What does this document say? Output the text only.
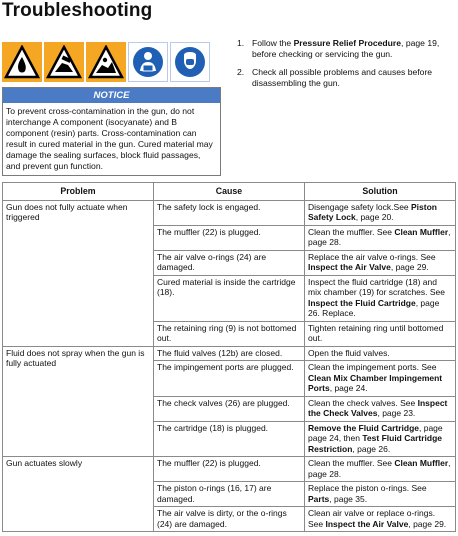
Troubleshooting
1. Follow the Pressure Relief Procedure, page 19, before checking or servicing the gun.
2. Check all possible problems and causes before disassembling the gun.
NOTICE
To prevent cross-contamination in the gun, do not interchange A component (isocyanate) and B component (resin) parts. Cross-contamination can result in cured material in the gun. Cured material may damage the sealing surfaces, block fluid passages, and prevent gun function.
Problem	Cause	Solution
Gun does not fully actuate when triggered	The safety lock is engaged.	Disengage safety lock.See Piston Safety Lock, page 20.
	The muffler (22) is plugged.	Clean the muffler. See Clean Muffler, page 28.
	The air valve o-rings (24) are damaged.	Replace the air valve o-rings. See Inspect the Air Valve, page 29.
	Cured material is inside the cartridge (18).	Inspect the fluid cartridge (18) and mix chamber (19) for scratches. See Inspect the Fluid Cartridge, page 26. Replace.
	The retaining ring (9) is not bottomed out.	Tighten retaining ring until bottomed out.
Fluid does not spray when the gun is fully actuated	The fluid valves (12b) are closed.	Open the fluid valves.
	The impingement ports are plugged.	Clean the impingement ports. See Clean Mix Chamber Impingement Ports, page 24.
	The check valves (26) are plugged.	Clean the check valves. See Inspect the Check Valves, page 23.
	The cartridge (18) is plugged.	Remove the Fluid Cartridge, page page 24, then Test Fluid Cartridge Restriction, page 26.
Gun actuates slowly	The muffler (22) is plugged.	Clean the muffler. See Clean Muffler, page 28.
	The piston o-rings (16, 17) are damaged.	Replace the piston o-rings. See Parts, page 35.
	The air valve is dirty, or the o-rings (24) are damaged.	Clean air valve or replace o-rings. See Inspect the Air Valve, page 29.
